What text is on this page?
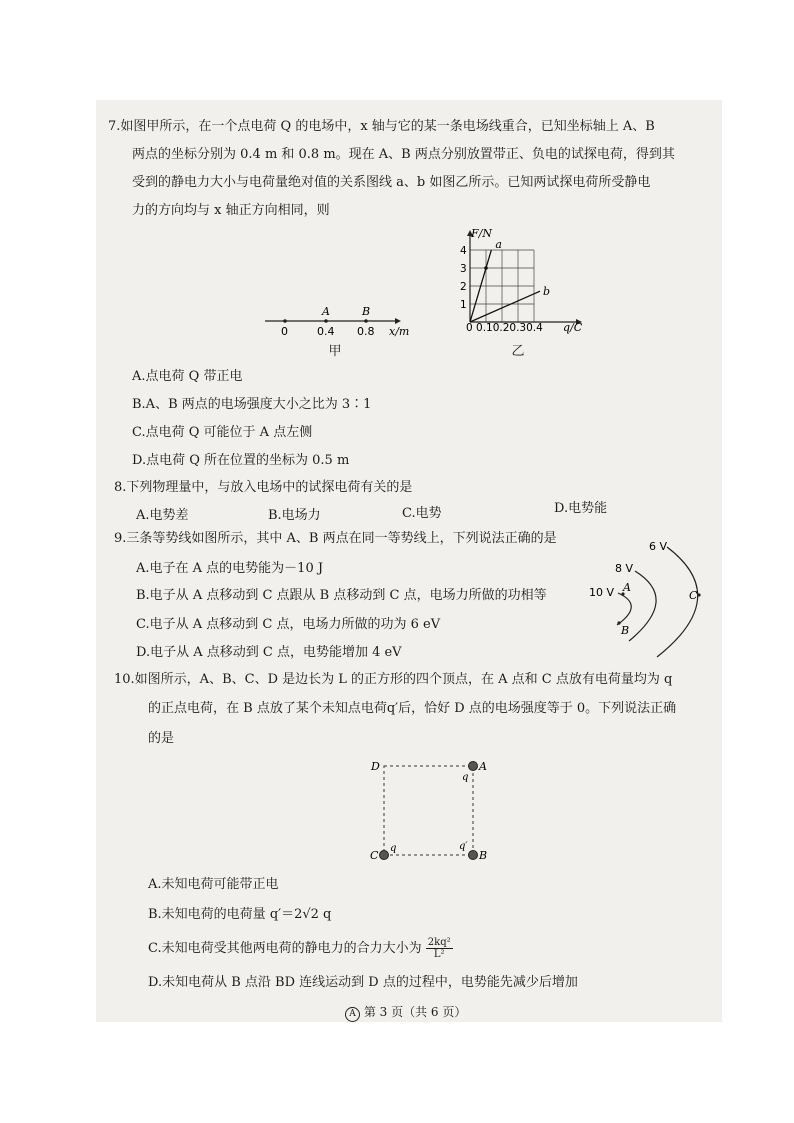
7.如图甲所示，在一个点电荷 Q 的电场中，x 轴与它的某一条电场线重合，已知坐标轴上 A、B
两点的坐标分别为 0.4 m 和 0.8 m。现在 A、B 两点分别放置带正、负电的试探电荷，得到其
受到的静电力大小与电荷量绝对值的关系图线 a、b 如图乙所示。已知两试探电荷所受静电
力的方向均与 x 轴正方向相同，则
A	B
0	0.4 0.8 x/m
甲
1
2
3
4	a
b
F/N
0 0.10.20.30.4 q/C
乙
A.点电荷 Q 带正电
B.A、B 两点的电场强度大小之比为 3∶1
C.点电荷 Q 可能位于 A 点左侧
D.点电荷 Q 所在位置的坐标为 0.5 m
8.下列物理量中，与放入电场中的试探电荷有关的是
A.电势差	B.电场力	C.电势	D.电势能
9.三条等势线如图所示，其中 A、B 两点在同一等势线上，下列说法正确的是
A.电子在 A 点的电势能为－10 J
B.电子从 A 点移动到 C 点跟从 B 点移动到 C 点，电场力所做的功相等
C.电子从 A 点移动到 C 点，电场力所做的功为 6 eV
D.电子从 A 点移动到 C 点，电势能增加 4 eV
6 V
8 V
10 V A
B
C
10.如图所示，A、B、C、D 是边长为 L 的正方形的四个顶点，在 A 点和 C 点放有电荷量均为 q
的正点电荷，在 B 点放了某个未知点电荷q′后，恰好 D 点的电场强度等于 0。下列说法正确
的是
D	A
q
C
q
B
q′
A.未知电荷可能带正电
B.未知电荷的电荷量 q′＝2√2 q
C.未知电荷受其他两电荷的静电力的合力大小为 $\frac{\text{2kq²}}{\text{L²}}$
D.未知电荷从 B 点沿 BD 连线运动到 D 点的过程中，电势能先减少后增加
A 第 3 页（共 6 页）
